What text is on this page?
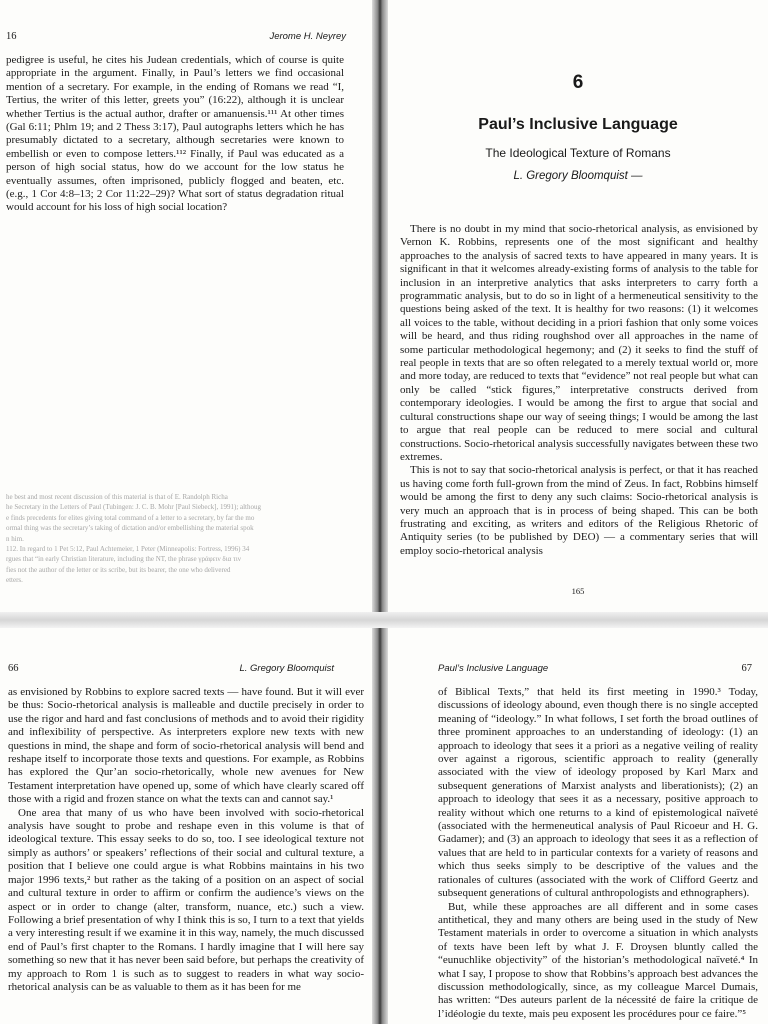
16	Jerome H. Neyrey

pedigree is useful, he cites his Judean credentials, which of course is quite appropriate in the argument. Finally, in Paul’s letters we find occasional mention of a secretary. For example, in the ending of Romans we read “I, Tertius, the writer of this letter, greets you” (16:22), although it is unclear whether Tertius is the actual author, drafter or amanuensis.¹¹¹ At other times (Gal 6:11; Phlm 19; and 2 Thess 3:17), Paul autographs letters which he has presumably dictated to a secretary, although secretaries were known to embellish or even to compose letters.¹¹² Finally, if Paul was educated as a person of high social status, how do we account for the low status he eventually assumes, often imprisoned, publicly flogged and beaten, etc. (e.g., 1 Cor 4:8–13; 2 Cor 11:22–29)? What sort of status degradation ritual would account for his loss of high social location?

he best and most recent discussion of this material is that of E. Randolph Richa

he Secretary in the Letters of Paul (Tubingen: J. C. B. Mohr [Paul Siebeck], 1991); althoug

e finds precedents for elites giving total command of a letter to a secretary, by far the mo

ormal thing was the secretary’s taking of dictation and/or embellishing the material spok

n him.

112. In regard to 1 Pet 5:12, Paul Achtemeier, 1 Peter (Minneapolis: Fortress, 1996) 34

rgues that “in early Christian literature, including the NT, the phrase γράφειν δια τιν

fies not the author of the letter or its scribe, but its bearer, the one who delivered

etters.

6
Paul’s Inclusive Language
The Ideological Texture of Romans
L. Gregory Bloomquist —

There is no doubt in my mind that socio-rhetorical analysis, as envisioned by Vernon K. Robbins, represents one of the most significant and healthy approaches to the analysis of sacred texts to have appeared in many years. It is significant in that it welcomes already-existing forms of analysis to the table for inclusion in an interpretive analytics that asks interpreters to carry forth a programmatic analysis, but to do so in light of a hermeneutical sensitivity to the questions being asked of the text. It is healthy for two reasons: (1) it welcomes all voices to the table, without deciding in a priori fashion that only some voices will be heard, and thus riding roughshod over all approaches in the name of some particular methodological hegemony; and (2) it seeks to find the stuff of real people in texts that are so often relegated to a merely textual world or, more and more today, are reduced to texts that “evidence” not real people but what can only be called “stick figures,” interpretative constructs derived from contemporary ideologies. I would be among the first to argue that social and cultural constructions shape our way of seeing things; I would be among the last to argue that real people can be reduced to mere social and cultural constructions. Socio-rhetorical analysis successfully navigates between these two extremes.

This is not to say that socio-rhetorical analysis is perfect, or that it has reached us having come forth full-grown from the mind of Zeus. In fact, Robbins himself would be among the first to deny any such claims: Socio-rhetorical analysis is very much an approach that is in process of being shaped. This can be both frustrating and exciting, as writers and editors of the Religious Rhetoric of Antiquity series (to be published by DEO) — a commentary series that will employ socio-rhetorical analysis

165
66	L. Gregory Bloomquist

as envisioned by Robbins to explore sacred texts — have found. But it will ever be thus: Socio-rhetorical analysis is malleable and ductile precisely in order to use the rigor and hard and fast conclusions of methods and to avoid their rigidity and inflexibility of perspective. As interpreters explore new texts with new questions in mind, the shape and form of socio-rhetorical analysis will bend and reshape itself to incorporate those texts and questions. For example, as Robbins has explored the Qur’an socio-rhetorically, whole new avenues for New Testament interpretation have opened up, some of which have clearly scared off those with a rigid and frozen stance on what the texts can and cannot say.¹

One area that many of us who have been involved with socio-rhetorical analysis have sought to probe and reshape even in this volume is that of ideological texture. This essay seeks to do so, too. I see ideological texture not simply as authors’ or speakers’ reflections of their social and cultural texture, a position that I believe one could argue is what Robbins maintains in his two major 1996 texts,² but rather as the taking of a position on an aspect of social and cultural texture in order to affirm or confirm the audience’s views on the aspect or in order to change (alter, transform, nuance, etc.) such a view. Following a brief presentation of why I think this is so, I turn to a text that yields a very interesting result if we examine it in this way, namely, the much discussed end of Paul’s first chapter to the Romans. I hardly imagine that I will here say something so new that it has never been said before, but perhaps the creativity of my approach to Rom 1 is such as to suggest to readers in what way socio-rhetorical analysis can be as valuable to them as it has been for me

67
Paul’s Inclusive Language

of Biblical Texts,” that held its first meeting in 1990.³ Today, discussions of ideology abound, even though there is no single accepted meaning of “ideology.” In what follows, I set forth the broad outlines of three prominent approaches to an understanding of ideology: (1) an approach to ideology that sees it a priori as a negative veiling of reality over against a rigorous, scientific approach to reality (generally associated with the view of ideology proposed by Karl Marx and subsequent generations of Marxist analysts and liberationists); (2) an approach to ideology that sees it as a necessary, positive approach to reality without which one returns to a kind of epistemological naïveté (associated with the hermeneutical analysis of Paul Ricoeur and H. G. Gadamer); and (3) an approach to ideology that sees it as a reflection of values that are held to in particular contexts for a variety of reasons and which thus seeks simply to be descriptive of the values and the rationales of cultures (associated with the work of Clifford Geertz and subsequent generations of cultural anthropologists and ethnographers).

But, while these approaches are all different and in some cases antithetical, they and many others are being used in the study of New Testament materials in order to overcome a situation in which analysts of texts have been left by what J. F. Droysen bluntly called the “eunuchlike objectivity” of the historian’s methodological naïveté.⁴ In what I say, I propose to show that Robbins’s approach best advances the discussion methodologically, since, as my colleague Marcel Dumais, has written: “Des auteurs parlent de la nécessité de faire la critique de l’idéologie du texte, mais peu exposent les procédures pour ce faire.”⁵
